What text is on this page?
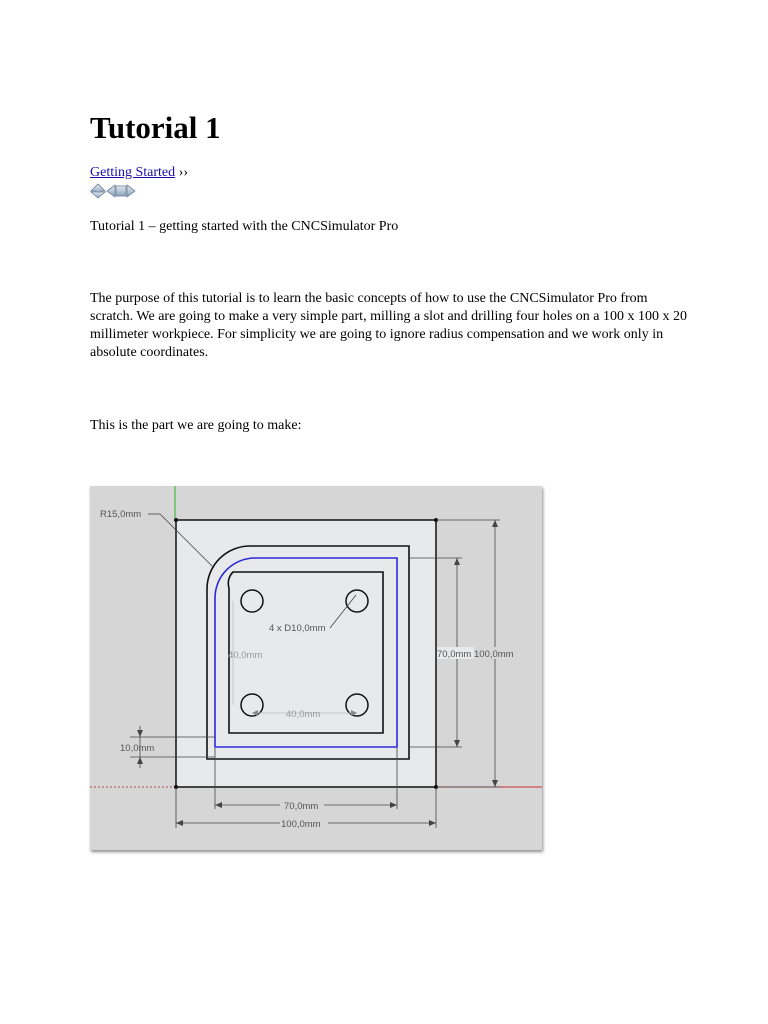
Tutorial 1
Getting Started ››

Tutorial 1 – getting started with the CNCSimulator Pro

The purpose of this tutorial is to learn the basic concepts of how to use the CNCSimulator Pro from scratch. We are going to make a very simple part, milling a slot and drilling four holes on a 100 x 100 x 20 millimeter workpiece. For simplicity we are going to ignore radius compensation and we work only in absolute coordinates.

This is the part we are going to make:

R15,0mm
4 x D10,0mm
40,0mm
40,0mm
10,0mm
70,0mm 100,0mm
70,0mm
100,0mm
